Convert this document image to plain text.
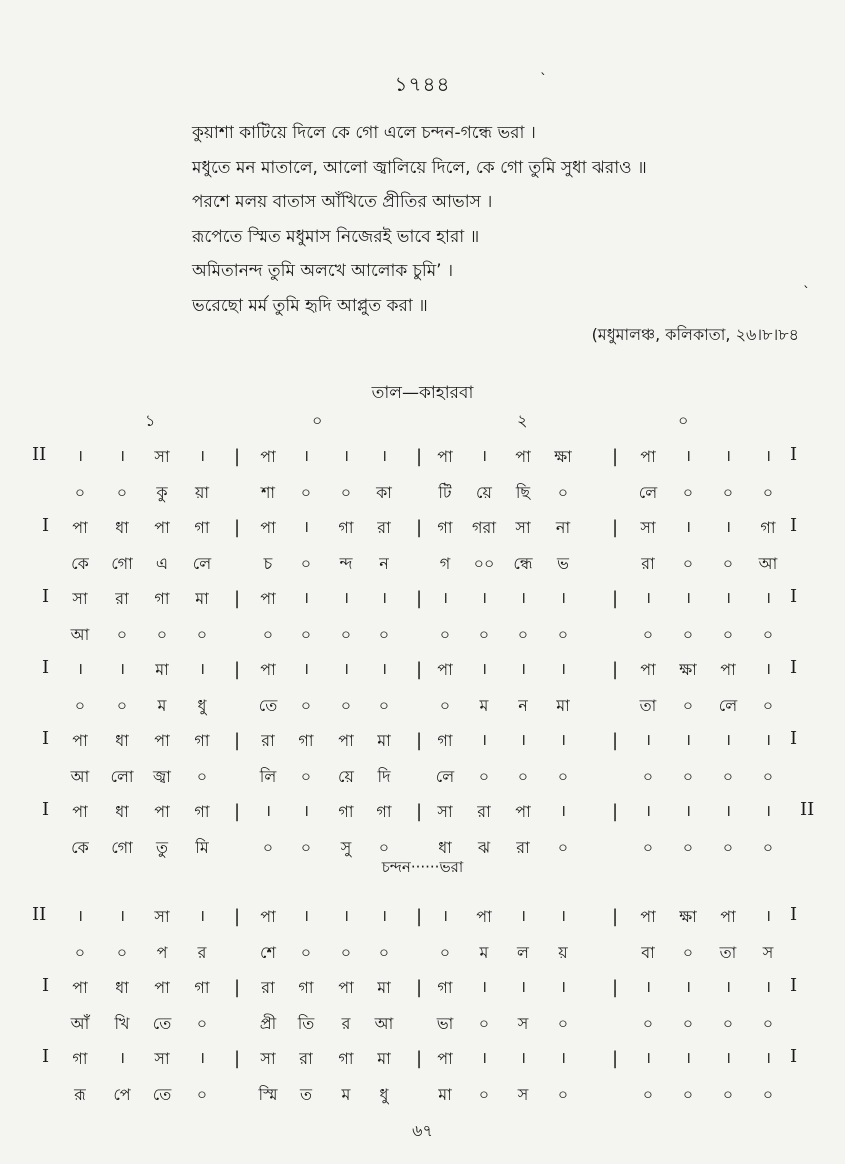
১৭৪৪	`
`
কুয়াশা কাটিয়ে দিলে কে গো এলে চন্দন-গন্ধে ভরা ।
মধুতে মন মাতালে, আলো জ্বালিয়ে দিলে, কে গো তুমি সুধা ঝরাও ॥
পরশে মলয় বাতাস আঁখিতে প্রীতির আভাস ।
রূপেতে স্মিত মধুমাস নিজেরই ভাবে হারা ॥
অমিতানন্দ তুমি অলখে আলোক চুমি’ ।
ভরেছো মর্ম তুমি হৃদি আপ্লুত করা ॥
(মধুমালঞ্চ, কলিকাতা, ২৬।৮।৮৪
তাল—কাহারবা
১	০	২	০
II	I
|	|	|
।	।	সা	।	পা	।	।	।	পা	।	পা	ক্ষা	পা	।	।	।
০	০	কু	য়া	শা	০	০	কা	টি	য়ে	ছি	০	লে	০	০	০
I	I
|	|	|
পা	ধা	পা	গা	পা	।	গা	রা	গা	গরা	সা	না	সা	।	।	গা
কে	গো	এ	লে	চ	০	ন্দ	ন	গ	০০	ন্ধে	ভ	রা	০	০	আ
I	I
|	|	|
সা	রা	গা	মা	পা	।	।	।	।	।	।	।	।	।	।	।
আ	০	০	০	০	০	০	০	০	০	০	০	০	০	০	০
I	I
|	|	|
।	।	মা	।	পা	।	।	।	পা	।	।	।	পা	ক্ষা	পা	।
০	০	ম	ধু	তে	০	০	০	০	ম	ন	মা	তা	০	লে	০
I	I
|	|	|
পা	ধা	পা	গা	রা	গা	পা	মা	গা	।	।	।	।	।	।	।
আ	লো	জ্বা	০	লি	০	য়ে	দি	লে	০	০	০	০	০	০	০
I	II
|	|	|
পা	ধা	পা	গা	।	।	গা	গা	সা	রা	পা	।	।	।	।	।
কে	গো	তু	মি	০	০	সু	০	ধা	ঝ	রা	০	০	০	০	০
II	I
|	|	|
।	।	সা	।	পা	।	।	।	।	পা	।	।	পা	ক্ষা	পা	।
০	০	প	র	শে	০	০	০	০	ম	ল	য়	বা	০	তা	স
I	I
|	|	|
পা	ধা	পা	গা	রা	গা	পা	মা	গা	।	।	।	।	।	।	।
আঁ	খি	তে	০	প্রী	তি	র	আ	ভা	০	স	০	০	০	০	০
I	I
|	|	|
গা	।	সা	।	সা	রা	গা	মা	পা	।	।	।	।	।	।	।
রূ	পে	তে	০	স্মি	ত	ম	ধু	মা	০	স	০	০	০	০	০
চন্দন······ভরা
৬৭
